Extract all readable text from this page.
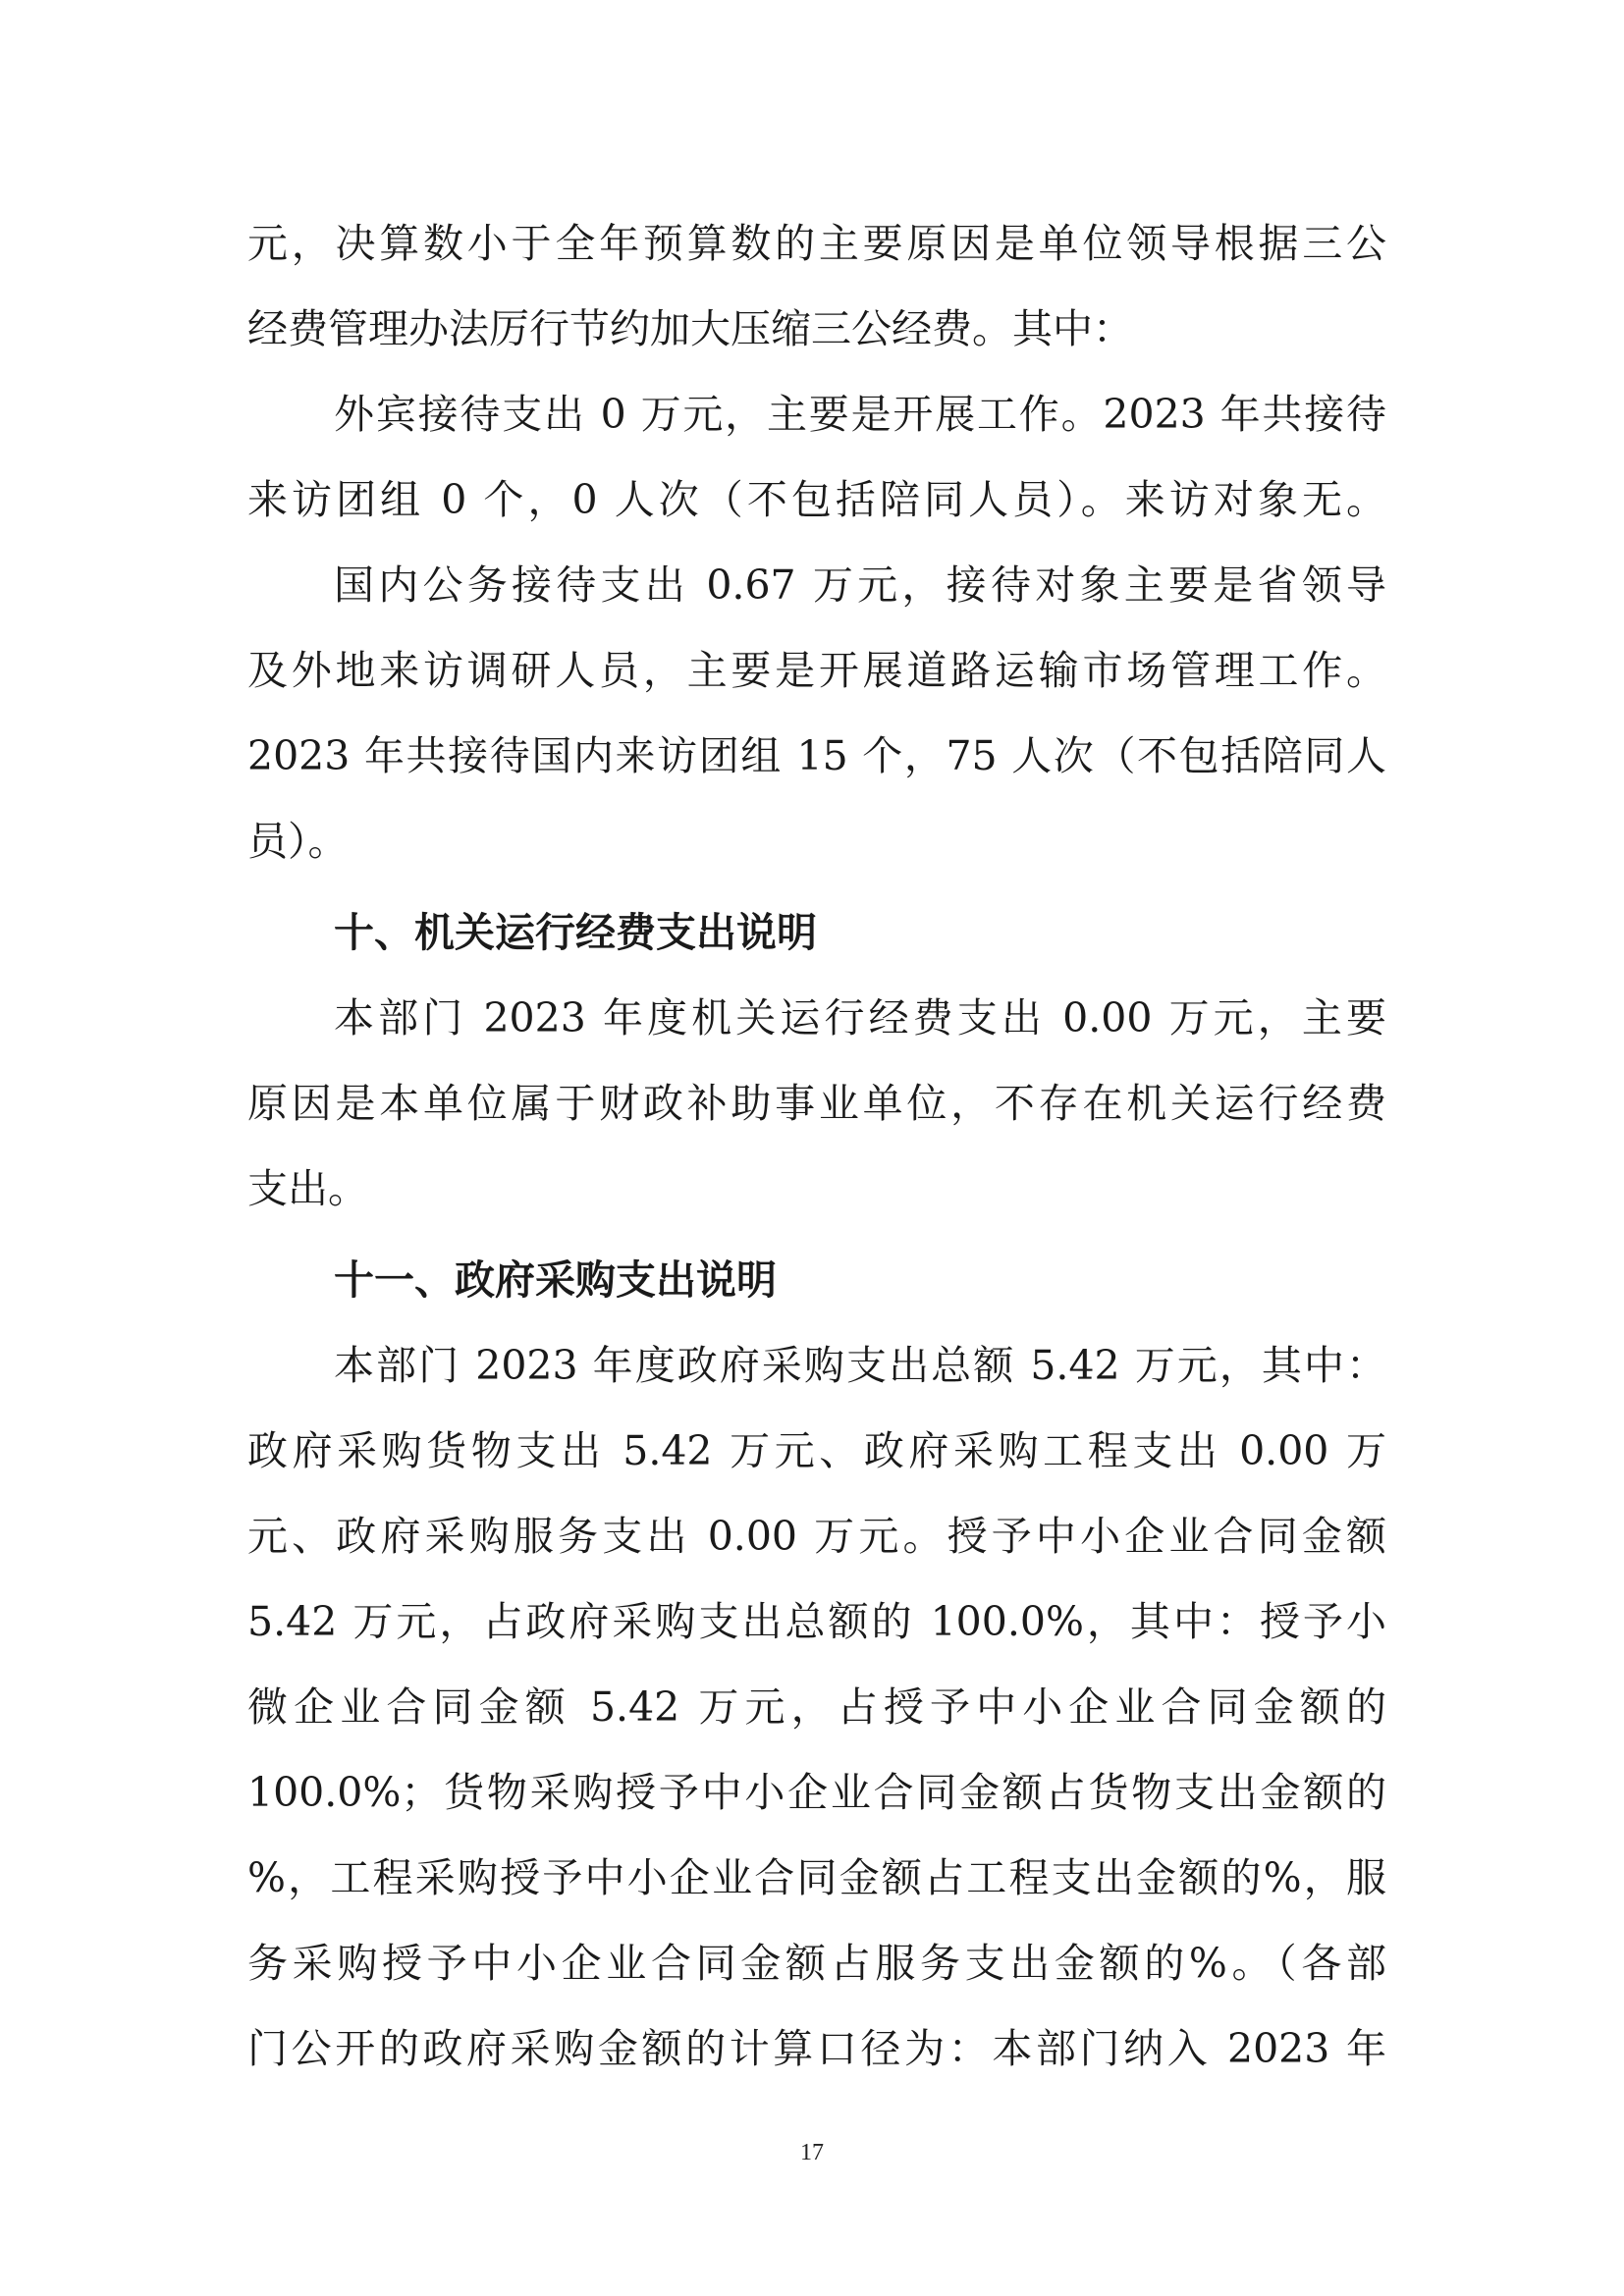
元，决算数小于全年预算数的主要原因是单位领导根据三公
经费管理办法厉行节约加大压缩三公经费。其中：
外宾接待支出 0 万元，主要是开展工作。2023 年共接待
来访团组 0 个，0 人次（不包括陪同人员）。来访对象无。
国内公务接待支出 0.67 万元，接待对象主要是省领导
及外地来访调研人员，主要是开展道路运输市场管理工作。
2023 年共接待国内来访团组 15 个，75 人次（不包括陪同人
员）。
十、机关运行经费支出说明
本部门 2023 年度机关运行经费支出 0.00 万元，主要
原因是本单位属于财政补助事业单位，不存在机关运行经费
支出。
十一、政府采购支出说明
本部门 2023 年度政府采购支出总额 5.42 万元，其中：
政府采购货物支出 5.42 万元、政府采购工程支出 0.00 万
元、政府采购服务支出 0.00 万元。授予中小企业合同金额
5.42 万元，占政府采购支出总额的 100.0%，其中：授予小
微企业合同金额 5.42 万元，占授予中小企业合同金额的
100.0%；货物采购授予中小企业合同金额占货物支出金额的
%，工程采购授予中小企业合同金额占工程支出金额的%，服
务采购授予中小企业合同金额占服务支出金额的%。（各部
门公开的政府采购金额的计算口径为：本部门纳入 2023 年
17
